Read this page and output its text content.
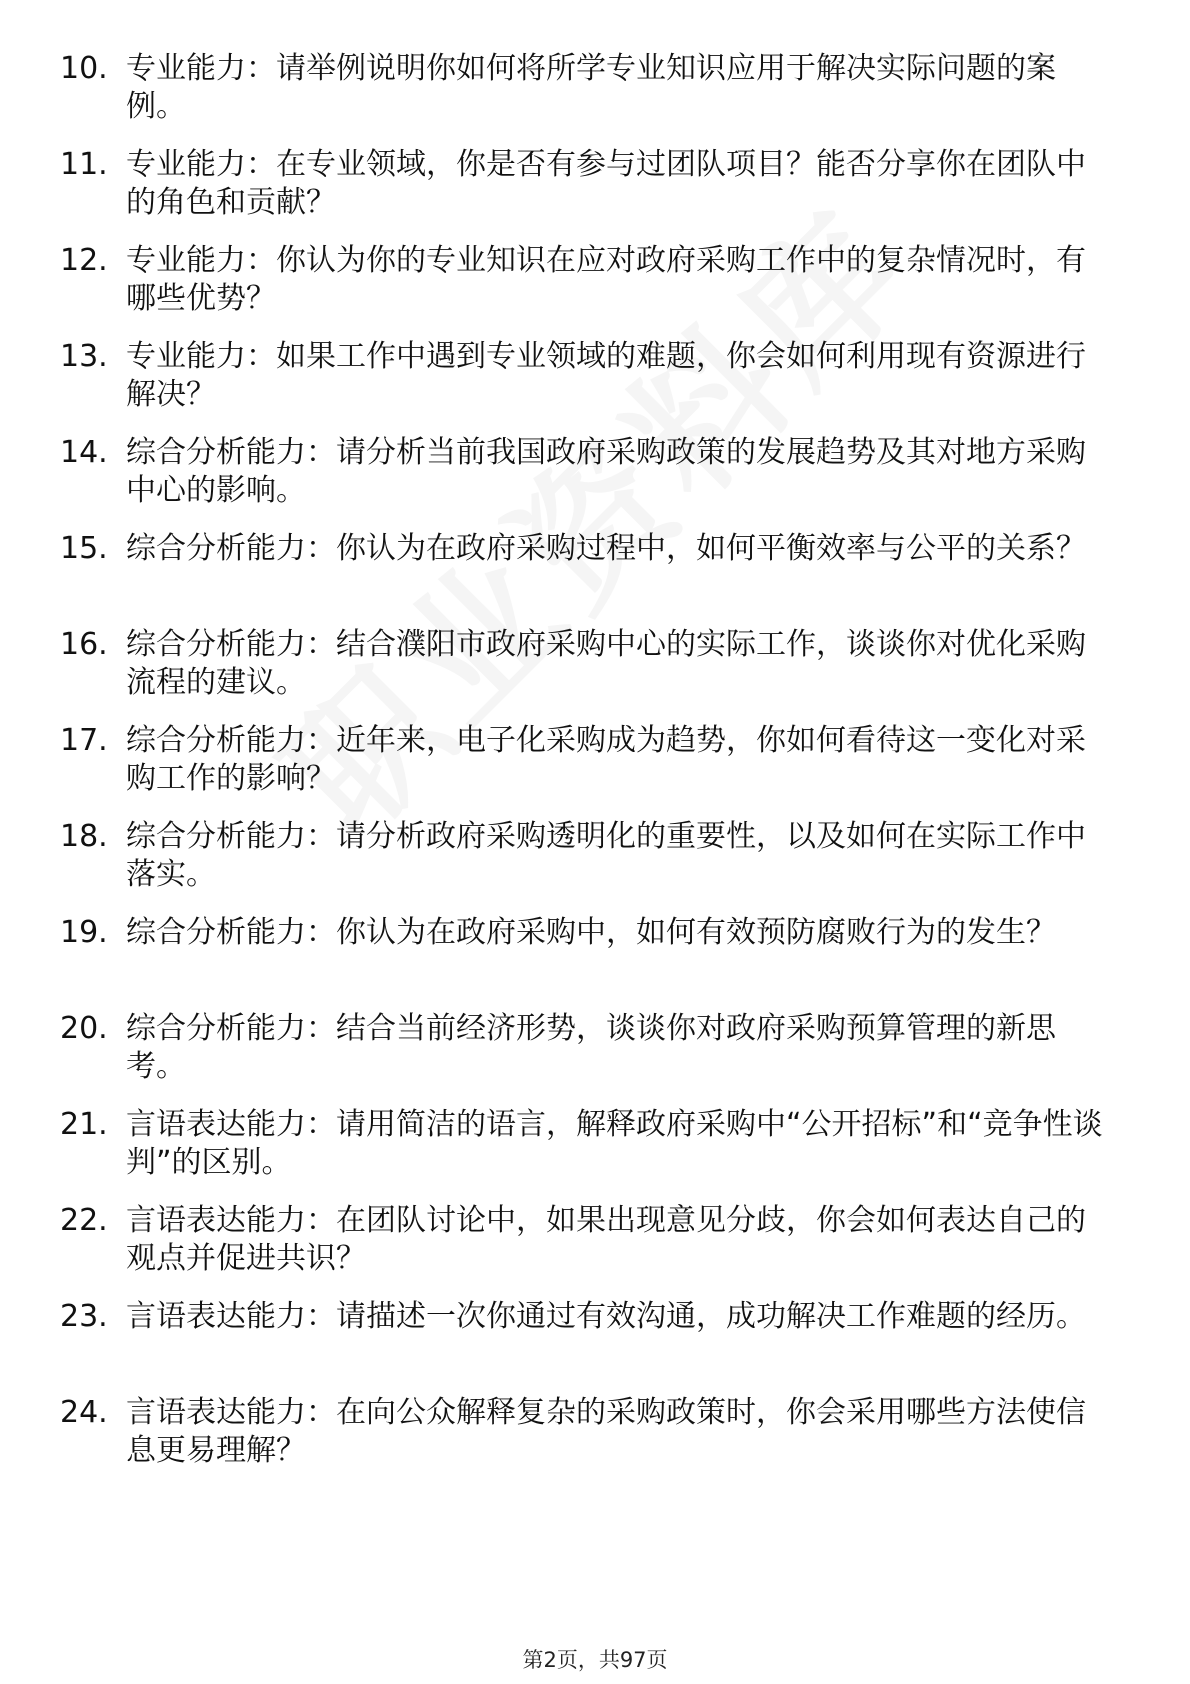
10. 专业能力：请举例说明你如何将所学专业知识应用于解决实际问题的案例。
11. 专业能力：在专业领域，你是否有参与过团队项目？能否分享你在团队中的角色和贡献？
12. 专业能力：你认为你的专业知识在应对政府采购工作中的复杂情况时，有哪些优势？
13. 专业能力：如果工作中遇到专业领域的难题，你会如何利用现有资源进行解决？
14. 综合分析能力：请分析当前我国政府采购政策的发展趋势及其对地方采购中心的影响。
15. 综合分析能力：你认为在政府采购过程中，如何平衡效率与公平的关系？
16. 综合分析能力：结合濮阳市政府采购中心的实际工作，谈谈你对优化采购流程的建议。
17. 综合分析能力：近年来，电子化采购成为趋势，你如何看待这一变化对采购工作的影响？
18. 综合分析能力：请分析政府采购透明化的重要性，以及如何在实际工作中落实。
19. 综合分析能力：你认为在政府采购中，如何有效预防腐败行为的发生？
20. 综合分析能力：结合当前经济形势，谈谈你对政府采购预算管理的新思考。
21. 言语表达能力：请用简洁的语言，解释政府采购中“公开招标”和“竞争性谈判”的区别。
22. 言语表达能力：在团队讨论中，如果出现意见分歧，你会如何表达自己的观点并促进共识？
23. 言语表达能力：请描述一次你通过有效沟通，成功解决工作难题的经历。
24. 言语表达能力：在向公众解释复杂的采购政策时，你会采用哪些方法使信息更易理解？
第2页，共97页
